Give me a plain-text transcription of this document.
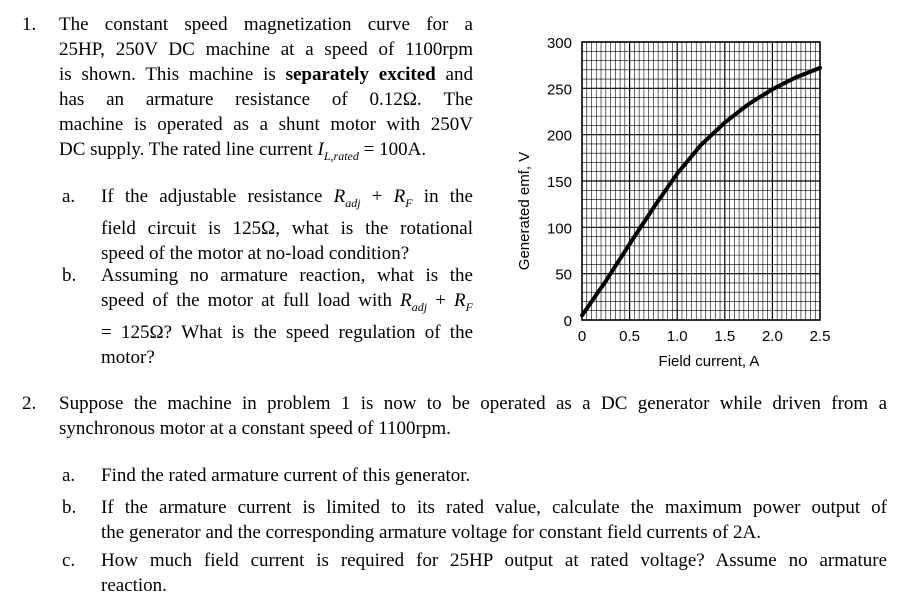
1. The constant speed magnetization curve for a
25HP, 250V DC machine at a speed of 1100rpm
is shown. This machine is separately excited and
has an armature resistance of 0.12Ω. The
machine is operated as a shunt motor with 250V
DC supply. The rated line current $I_{L,rated} = 100A$.
a. If the adjustable resistance $R_{adj} + R_F$ in the
field circuit is 125Ω, what is the rotational
speed of the motor at no-load condition?
b. Assuming no armature reaction, what is the
speed of the motor at full load with $R_{adj} + R_F$
= 125Ω? What is the speed regulation of the
motor?
0
50
100
150
200
250
300
0 0.5 1.0 1.5 2.0 2.5
Field current, A
Generated emf, V
2. Suppose the machine in problem 1 is now to be operated as a DC generator while driven from a
synchronous motor at a constant speed of 1100rpm.
a. Find the rated armature current of this generator.
b. If the armature current is limited to its rated value, calculate the maximum power output of
the generator and the corresponding armature voltage for constant field currents of 2A.
c. How much field current is required for 25HP output at rated voltage? Assume no armature
reaction.
